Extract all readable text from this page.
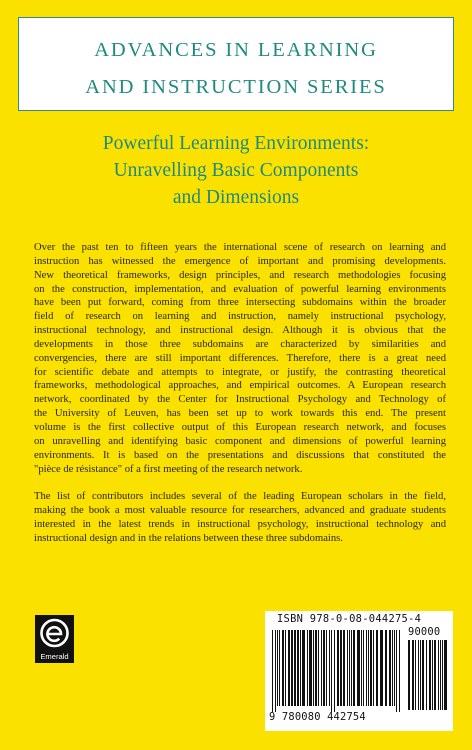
ADVANCES IN LEARNING
AND INSTRUCTION SERIES
Powerful Learning Environments:
Unravelling Basic Components
and Dimensions
Over the past ten to fifteen years the international scene of research on learning and
instruction has witnessed the emergence of important and promising developments.
New theoretical frameworks, design principles, and research methodologies focusing
on the construction, implementation, and evaluation of powerful learning environments
have been put forward, coming from three intersecting subdomains within the broader
field of research on learning and instruction, namely instructional psychology,
instructional technology, and instructional design. Although it is obvious that the
developments in those three subdomains are characterized by similarities and
convergencies, there are still important differences. Therefore, there is a great need
for scientific debate and attempts to integrate, or justify, the contrasting theoretical
frameworks, methodological approaches, and empirical outcomes. A European research
network, coordinated by the Center for Instructional Psychology and Technology of
the University of Leuven, has been set up to work towards this end. The present
volume is the first collective output of this European research network, and focuses
on unravelling and identifying basic component and dimensions of powerful learning
environments. It is based on the presentations and discussions that constituted the
"pièce de résistance" of a first meeting of the research network.
The list of contributors includes several of the leading European scholars in the field,
making the book a most valuable resource for researchers, advanced and graduate students
interested in the latest trends in instructional psychology, instructional technology and
instructional design and in the relations between these three subdomains.
Emerald
ISBN 978-0-08-044275-4
90000
9 780080 442754
